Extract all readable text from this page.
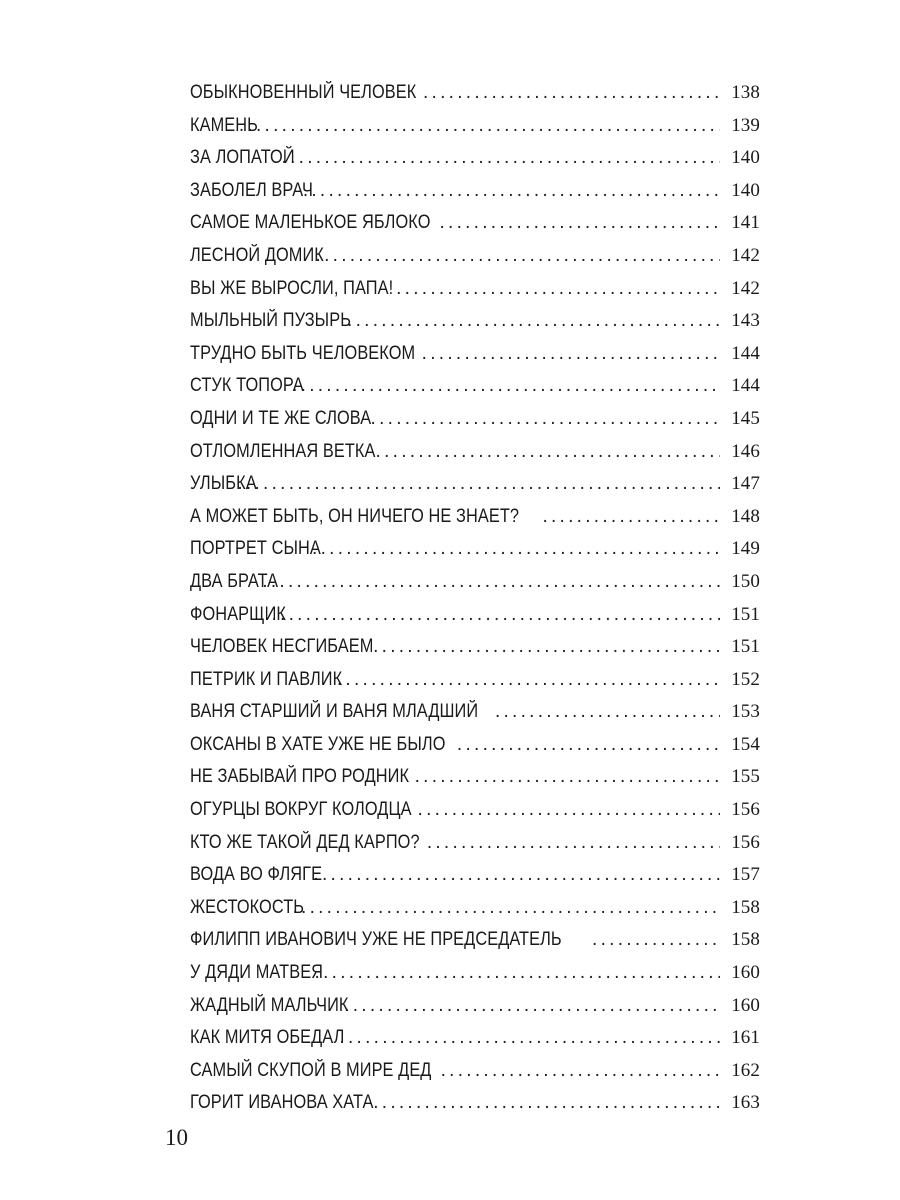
ОБЫКНОВЕННЫЙ ЧЕЛОВЕК . . .	138
КАМЕНЬ . . .	139
ЗА ЛОПАТОЙ . . .	140
ЗАБОЛЕЛ ВРАЧ . . .	140
САМОЕ МАЛЕНЬКОЕ ЯБЛОКО . . .	141
ЛЕСНОЙ ДОМИК . . .	142
ВЫ ЖЕ ВЫРОСЛИ, ПАПА! . . .	142
МЫЛЬНЫЙ ПУЗЫРЬ . . .	143
ТРУДНО БЫТЬ ЧЕЛОВЕКОМ . . .	144
СТУК ТОПОРА . . .	144
ОДНИ И ТЕ ЖЕ СЛОВА . . .	145
ОТЛОМЛЕННАЯ ВЕТКА . . .	146
УЛЫБКА . . .	147
А МОЖЕТ БЫТЬ, ОН НИЧЕГО НЕ ЗНАЕТ? . . .	148
ПОРТРЕТ СЫНА . . .	149
ДВА БРАТА . . .	150
ФОНАРЩИК . . .	151
ЧЕЛОВЕК НЕСГИБАЕМ . . .	151
ПЕТРИК И ПАВЛИК . . .	152
ВАНЯ СТАРШИЙ И ВАНЯ МЛАДШИЙ . . .	153
ОКСАНЫ В ХАТЕ УЖЕ НЕ БЫЛО . . .	154
НЕ ЗАБЫВАЙ ПРО РОДНИК . . .	155
ОГУРЦЫ ВОКРУГ КОЛОДЦА . . .	156
КТО ЖЕ ТАКОЙ ДЕД КАРПО? . . .	156
ВОДА ВО ФЛЯГЕ . . .	157
ЖЕСТОКОСТЬ . . .	158
ФИЛИПП ИВАНОВИЧ УЖЕ НЕ ПРЕДСЕДАТЕЛЬ . . .	158
У ДЯДИ МАТВЕЯ . . .	160
ЖАДНЫЙ МАЛЬЧИК . . .	160
КАК МИТЯ ОБЕДАЛ . . .	161
САМЫЙ СКУПОЙ В МИРЕ ДЕД . . .	162
ГОРИТ ИВАНОВА ХАТА . . .	163
10
